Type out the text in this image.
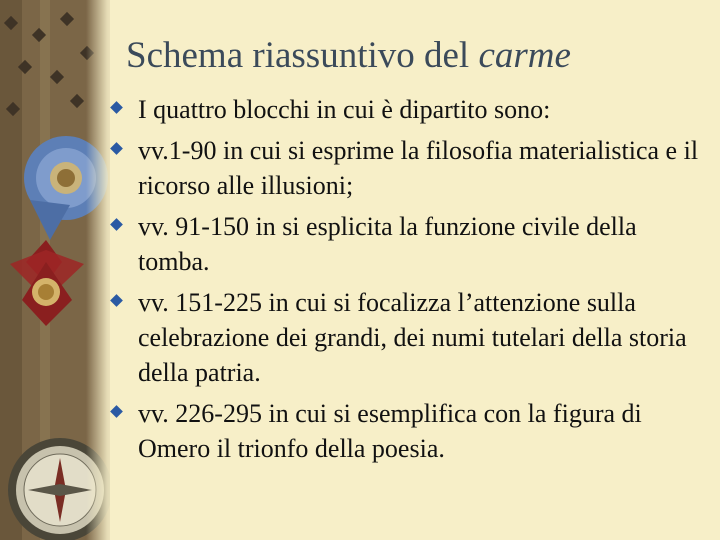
Schema riassuntivo del carme
I quattro blocchi in cui è dipartito sono:
vv.1-90 in cui si esprime la filosofia materialistica e il ricorso alle illusioni;
vv. 91-150 in si esplicita la funzione civile della tomba.
vv. 151-225 in cui si focalizza l’attenzione sulla celebrazione dei grandi, dei numi tutelari della storia della patria.
vv. 226-295 in cui si esemplifica con la figura di Omero il trionfo della poesia.
